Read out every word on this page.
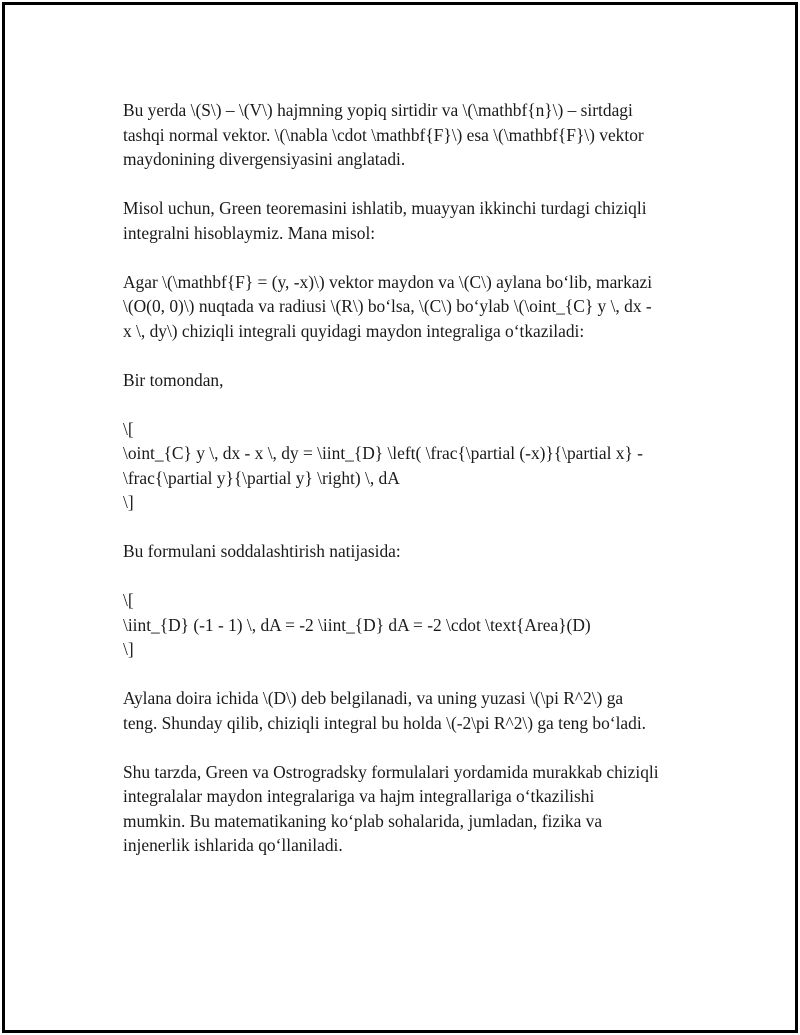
Bu yerda \(S\) – \(V\) hajmning yopiq sirtidir va \(\mathbf{n}\) – sirtdagi
tashqi normal vektor. \(\nabla \cdot \mathbf{F}\) esa \(\mathbf{F}\) vektor
maydonining divergensiyasini anglatadi.

Misol uchun, Green teoremasini ishlatib, muayyan ikkinchi turdagi chiziqli
integralni hisoblaymiz. Mana misol:

Agar \(\mathbf{F} = (y, -x)\) vektor maydon va \(C\) aylana bo‘lib, markazi
\(O(0, 0)\) nuqtada va radiusi \(R\) bo‘lsa, \(C\) bo‘ylab \(\oint_{C} y \, dx -
x \, dy\) chiziqli integrali quyidagi maydon integraliga o‘tkaziladi:

Bir tomondan,

\[
\oint_{C} y \, dx - x \, dy = \iint_{D} \left( \frac{\partial (-x)}{\partial x} -
\frac{\partial y}{\partial y} \right) \, dA
\]

Bu formulani soddalashtirish natijasida:

\[
\iint_{D} (-1 - 1) \, dA = -2 \iint_{D} dA = -2 \cdot \text{Area}(D)
\]

Aylana doira ichida \(D\) deb belgilanadi, va uning yuzasi \(\pi R^2\) ga
teng. Shunday qilib, chiziqli integral bu holda \(-2\pi R^2\) ga teng bo‘ladi.

Shu tarzda, Green va Ostrogradsky formulalari yordamida murakkab chiziqli
integralalar maydon integralariga va hajm integrallariga o‘tkazilishi
mumkin. Bu matematikaning ko‘plab sohalarida, jumladan, fizika va
injenerlik ishlarida qo‘llaniladi.
